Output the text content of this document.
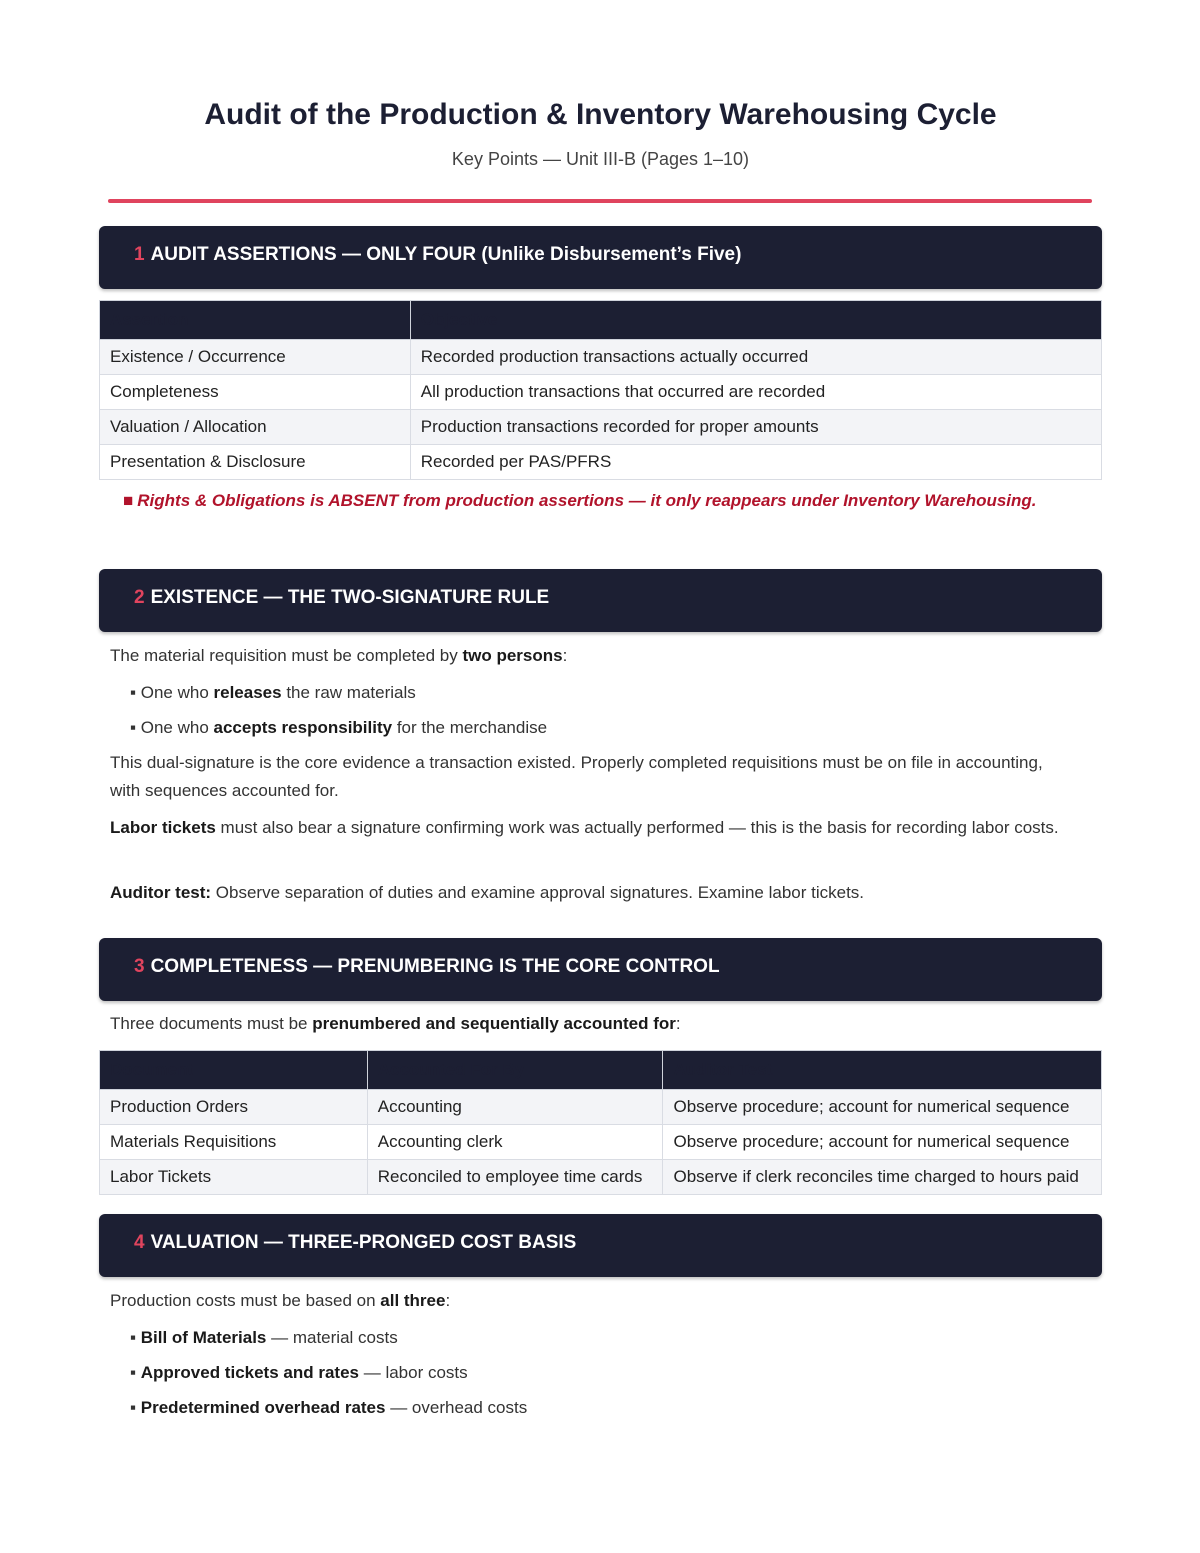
Audit of the Production & Inventory Warehousing Cycle
Key Points — Unit III-B (Pages 1–10)
1 AUDIT ASSERTIONS — ONLY FOUR (Unlike Disbursement’s Five)
Assertion	Objective
Existence / Occurrence	Recorded production transactions actually occurred
Completeness	All production transactions that occurred are recorded
Valuation / Allocation	Production transactions recorded for proper amounts
Presentation & Disclosure	Recorded per PAS/PFRS
■ Rights & Obligations is ABSENT from production assertions — it only reappears under Inventory Warehousing.
2 EXISTENCE — THE TWO-SIGNATURE RULE
The material requisition must be completed by two persons:
▪ One who releases the raw materials
▪ One who accepts responsibility for the merchandise
This dual-signature is the core evidence a transaction existed. Properly completed requisitions must be on file in accounting, with sequences accounted for.
Labor tickets must also bear a signature confirming work was actually performed — this is the basis for recording labor costs.
Auditor test: Observe separation of duties and examine approval signatures. Examine labor tickets.
3 COMPLETENESS — PRENUMBERING IS THE CORE CONTROL
Three documents must be prenumbered and sequentially accounted for:
Document	Accounted For By	Auditor Test
Production Orders	Accounting	Observe procedure; account for numerical sequence
Materials Requisitions	Accounting clerk	Observe procedure; account for numerical sequence
Labor Tickets	Reconciled to employee time cards	Observe if clerk reconciles time charged to hours paid
4 VALUATION — THREE-PRONGED COST BASIS
Production costs must be based on all three:
▪ Bill of Materials — material costs
▪ Approved tickets and rates — labor costs
▪ Predetermined overhead rates — overhead costs
